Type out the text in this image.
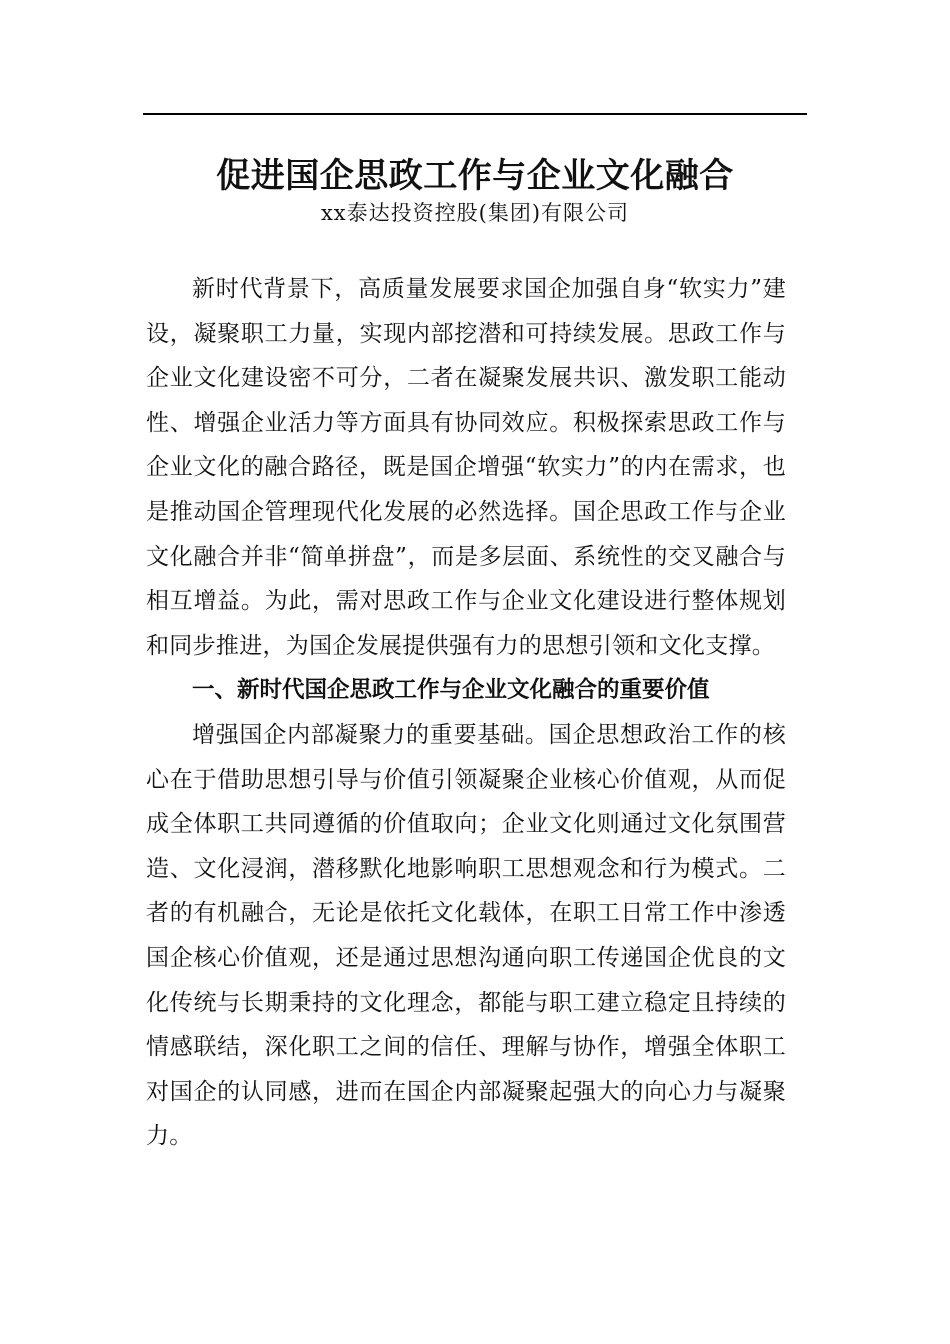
促进国企思政工作与企业文化融合
xx泰达投资控股(集团)有限公司

新时代背景下，高质量发展要求国企加强自身“软实力”建设，凝聚职工力量，实现内部挖潜和可持续发展。思政工作与企业文化建设密不可分，二者在凝聚发展共识、激发职工能动性、增强企业活力等方面具有协同效应。积极探索思政工作与企业文化的融合路径，既是国企增强“软实力”的内在需求，也是推动国企管理现代化发展的必然选择。国企思政工作与企业文化融合并非“简单拼盘”，而是多层面、系统性的交叉融合与相互增益。为此，需对思政工作与企业文化建设进行整体规划和同步推进，为国企发展提供强有力的思想引领和文化支撑。

一、新时代国企思政工作与企业文化融合的重要价值

增强国企内部凝聚力的重要基础。国企思想政治工作的核心在于借助思想引导与价值引领凝聚企业核心价值观，从而促成全体职工共同遵循的价值取向；企业文化则通过文化氛围营造、文化浸润，潜移默化地影响职工思想观念和行为模式。二者的有机融合，无论是依托文化载体，在职工日常工作中渗透国企核心价值观，还是通过思想沟通向职工传递国企优良的文化传统与长期秉持的文化理念，都能与职工建立稳定且持续的情感联结，深化职工之间的信任、理解与协作，增强全体职工对国企的认同感，进而在国企内部凝聚起强大的向心力与凝聚力。
